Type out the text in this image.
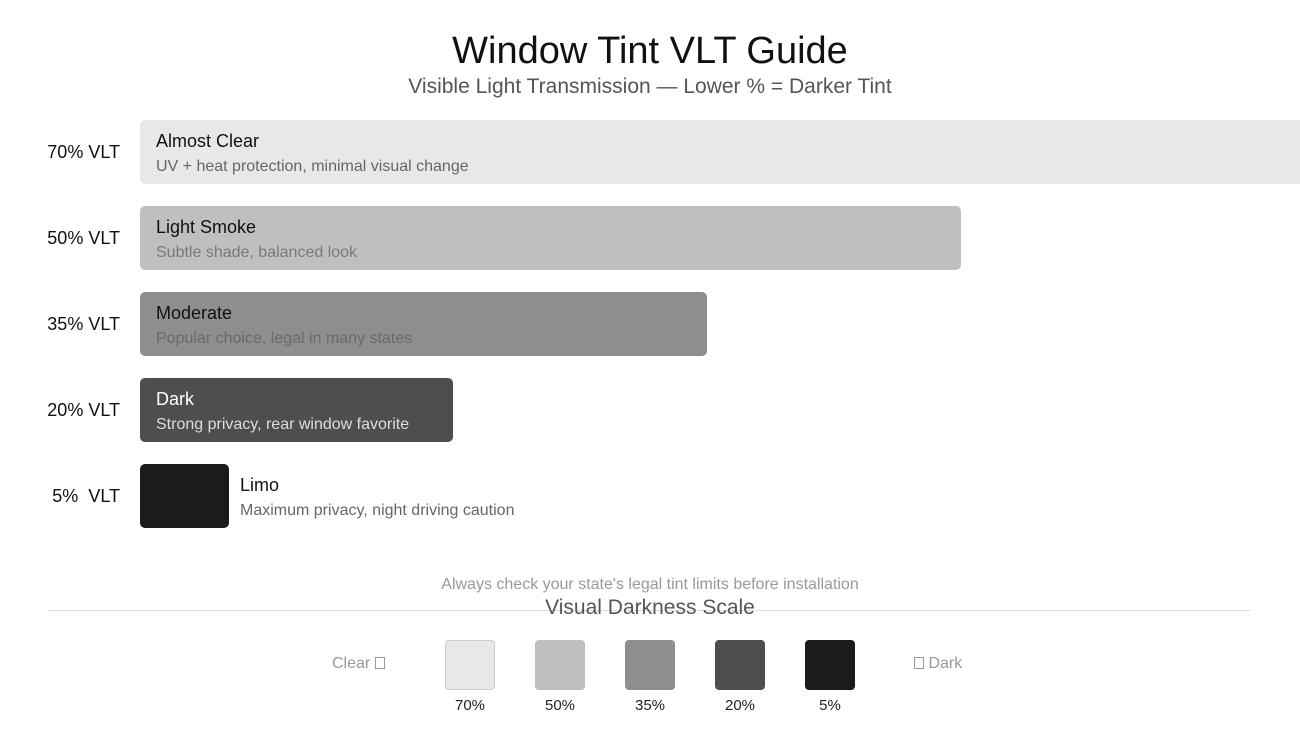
Window Tint VLT Guide
Visible Light Transmission — Lower % = Darker Tint
70% VLT
Almost Clear
UV + heat protection, minimal visual change
50% VLT
Light Smoke
Subtle shade, balanced look
35% VLT
Moderate
Popular choice, legal in many states
20% VLT
Dark
Strong privacy, rear window favorite
5%  VLT
Limo
Maximum privacy, night driving caution
Always check your state's legal tint limits before installation
Visual Darkness Scale
Clear	Dark
70%	50%	35%	20%	5%
